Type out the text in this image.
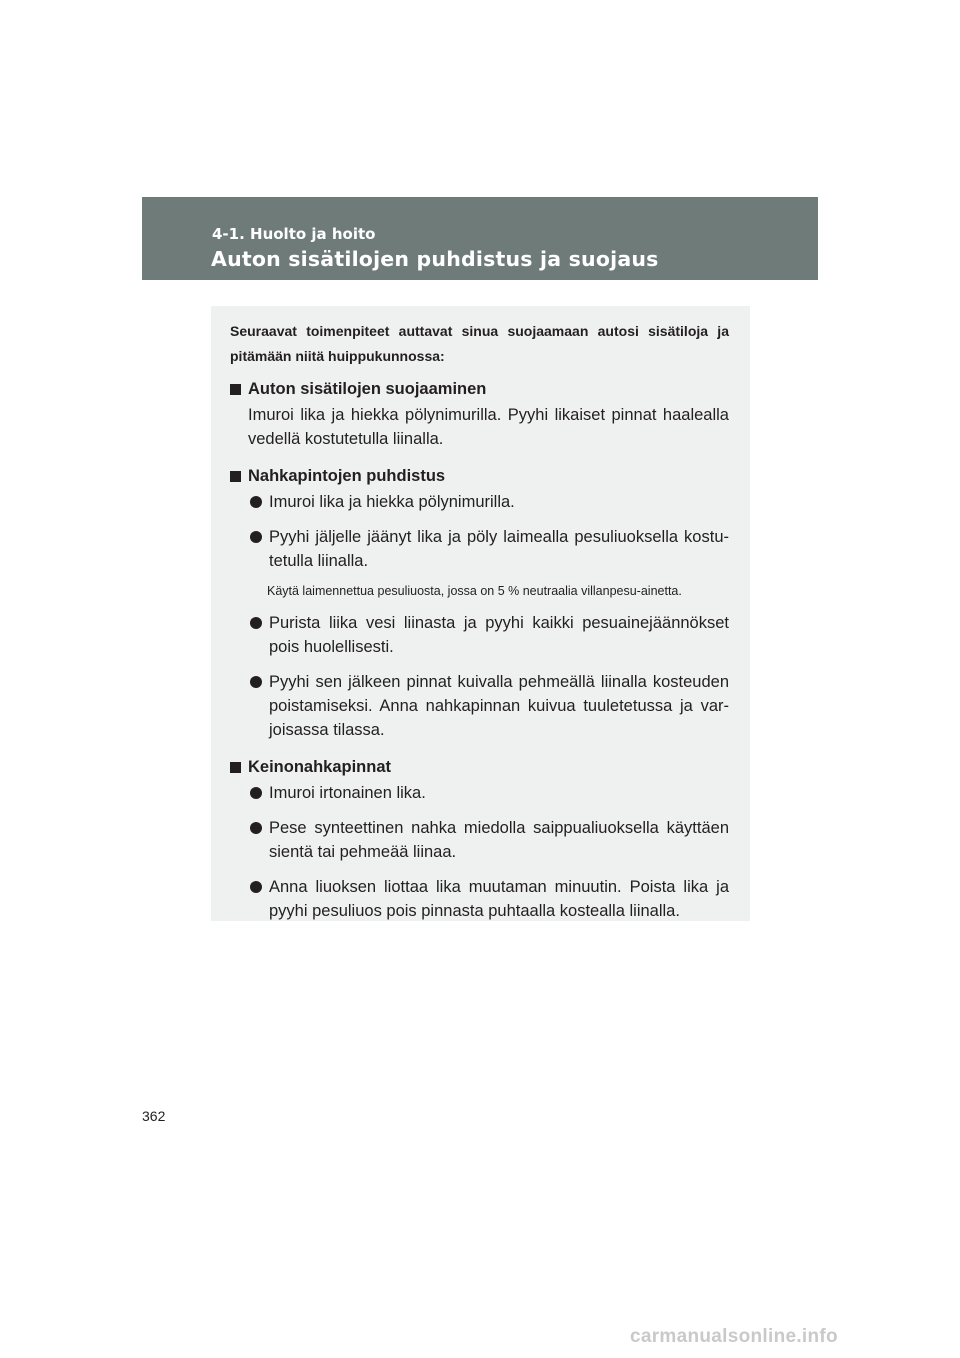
4-1. Huolto ja hoito
Auton sisätilojen puhdistus ja suojaus

Seuraavat toimenpiteet auttavat sinua suojaamaan autosi sisätiloja ja pitämään niitä huippukunnossa:

Auton sisätilojen suojaaminen

Imuroi lika ja hiekka pölynimurilla. Pyyhi likaiset pinnat haalealla vedellä kostutetulla liinalla.

Nahkapintojen puhdistus
Imuroi lika ja hiekka pölynimurilla.
Pyyhi jäljelle jäänyt lika ja pöly laimealla pesuliuoksella kostu-tetulla liinalla.

Käytä laimennettua pesuliuosta, jossa on 5 % neutraalia villanpesu-ainetta.

Purista liika vesi liinasta ja pyyhi kaikki pesuainejäännökset pois huolellisesti.
Pyyhi sen jälkeen pinnat kuivalla pehmeällä liinalla kosteuden poistamiseksi. Anna nahkapinnan kuivua tuuletetussa ja var-joisassa tilassa.
Keinonahkapinnat
Imuroi irtonainen lika.
Pese synteettinen nahka miedolla saippualiuoksella käyttäen sientä tai pehmeää liinaa.
Anna liuoksen liottaa lika muutaman minuutin. Poista lika ja pyyhi pesuliuos pois pinnasta puhtaalla kostealla liinalla.
362
carmanualsonline.info
